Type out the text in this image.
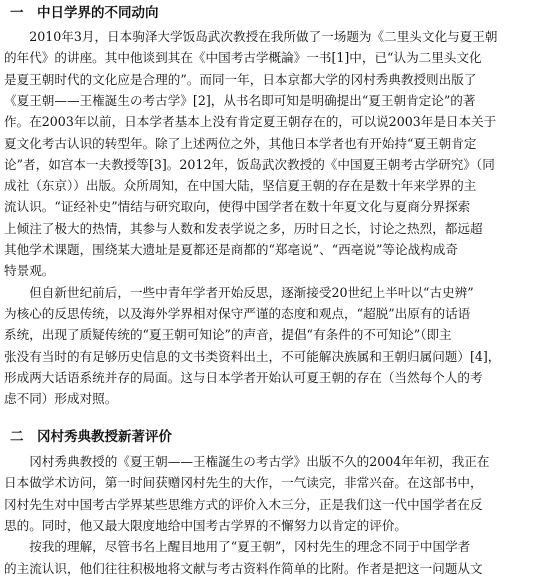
一　中日学界的不同动向
　　2010年3月，日本驹泽大学饭岛武次教授在我所做了一场题为《二里头文化与夏王朝
的年代》的讲座。其中他谈到其在《中国考古学概論》一书[1]中，已“认为二里头文化
是夏王朝时代的文化应是合理的”。而同一年，日本京都大学的冈村秀典教授则出版了
《夏王朝——王権誕生の考古学》[2]，从书名即可知是明确提出“夏王朝肯定论”的著
作。在2003年以前，日本学者基本上没有肯定夏王朝存在的，可以说2003年是日本关于
夏文化考古认识的转型年。除了上述两位之外，其他日本学者也有开始持“夏王朝肯定
论”者，如宫本一夫教授等[3]。2012年，饭岛武次教授的《中国夏王朝考古学研究》（同
成社（东京））出版。众所周知，在中国大陆，坚信夏王朝的存在是数十年来学界的主
流认识。“证经补史”情结与研究取向，使得中国学者在数十年夏文化与夏商分界探索
上倾注了极大的热情，其参与人数和发表学说之多，历时日之长，讨论之热烈，都远超
其他学术课题，围绕某大遗址是夏都还是商都的“郑亳说”、“西亳说”等论战构成奇
特景观。
　　但自新世纪前后，一些中青年学者开始反思，逐渐接受20世纪上半叶以“古史辨”
为核心的反思传统，以及海外学界相对保守严谨的态度和观点，“超脱”出原有的话语
系统，出现了质疑传统的“夏王朝可知论”的声音，提倡“有条件的不可知论”（即主
张没有当时的有足够历史信息的文书类资料出土，不可能解决族属和王朝归属问题）[4]，
形成两大话语系统并存的局面。这与日本学者开始认可夏王朝的存在（当然每个人的考
虑不同）形成对照。
二　冈村秀典教授新著评价
　　冈村秀典教授的《夏王朝——王権誕生の考古学》出版不久的2004年年初，我正在
日本做学术访问，第一时间获赠冈村先生的大作，一气读完，非常兴奋。在这部书中，
冈村先生对中国考古学界某些思维方式的评价入木三分，正是我们这一代中国学者在反
思的。同时，他又最大限度地给中国考古学界的不懈努力以肯定的评价。
　　按我的理解，尽管书名上醒目地用了“夏王朝”，冈村先生的理念不同于中国学者
的主流认识，他们往往积极地将文献与考古资料作简单的比附。作者是把这一问题从文
